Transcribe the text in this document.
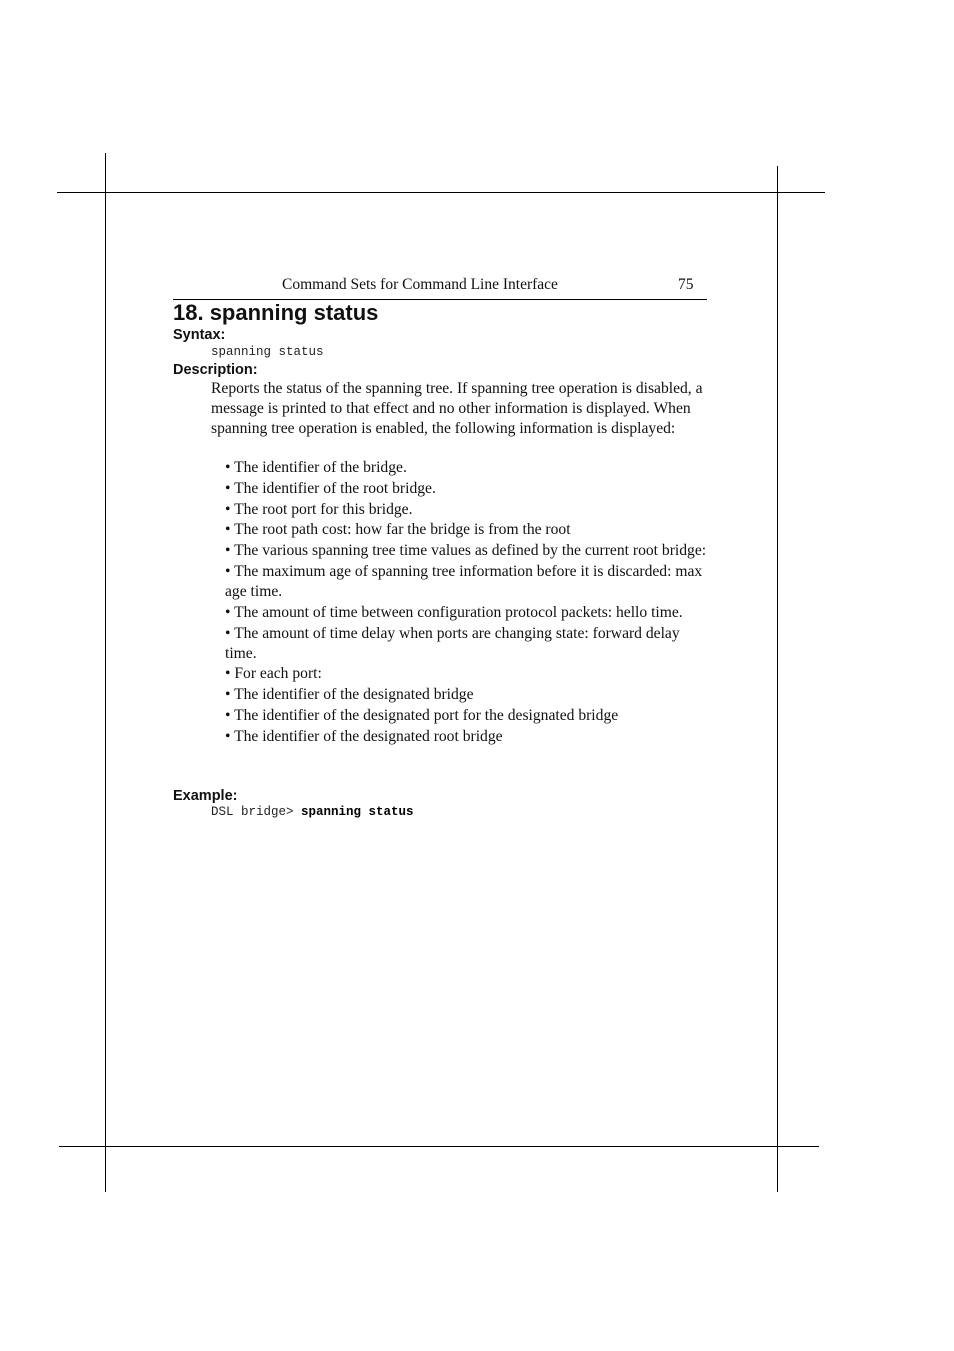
Command Sets for Command Line Interface	75
18. spanning status
Syntax:
spanning status
Description:

Reports the status of the spanning tree. If spanning tree operation is disabled, a message is printed to that effect and no other information is displayed. When spanning tree operation is enabled, the following information is displayed:

• The identifier of the bridge.
• The identifier of the root bridge.
• The root port for this bridge.
• The root path cost: how far the bridge is from the root
• The various spanning tree time values as defined by the current root bridge:
• The maximum age of spanning tree information before it is discarded: max age time.
• The amount of time between configuration protocol packets: hello time.
• The amount of time delay when ports are changing state: forward delay time.
• For each port:
• The identifier of the designated bridge
• The identifier of the designated port for the designated bridge
• The identifier of the designated root bridge
Example:
DSL bridge> spanning status
